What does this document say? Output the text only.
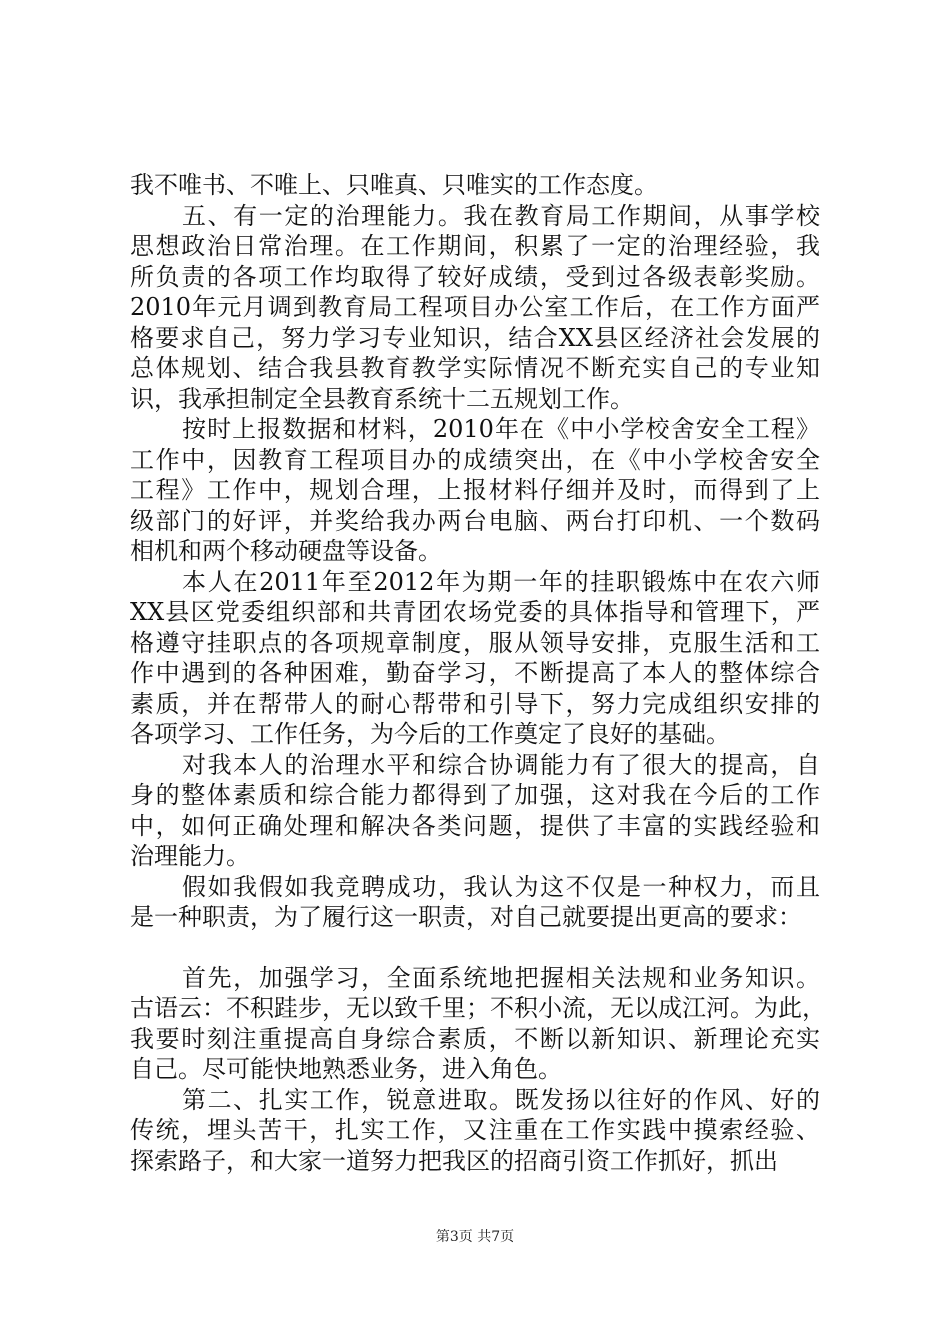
我不唯书、不唯上、只唯真、只唯实的工作态度。
五、有一定的治理能力。我在教育局工作期间，从事学校
思想政治日常治理。在工作期间，积累了一定的治理经验，我
所负责的各项工作均取得了较好成绩，受到过各级表彰奖励。
2010年元月调到教育局工程项目办公室工作后，在工作方面严
格要求自己，努力学习专业知识，结合XX县区经济社会发展的
总体规划、结合我县教育教学实际情况不断充实自己的专业知
识，我承担制定全县教育系统十二五规划工作。
按时上报数据和材料，2010年在《中小学校舍安全工程》
工作中，因教育工程项目办的成绩突出，在《中小学校舍安全
工程》工作中，规划合理，上报材料仔细并及时，而得到了上
级部门的好评，并奖给我办两台电脑、两台打印机、一个数码
相机和两个移动硬盘等设备。
本人在2011年至2012年为期一年的挂职锻炼中在农六师
XX县区党委组织部和共青团农场党委的具体指导和管理下，严
格遵守挂职点的各项规章制度，服从领导安排，克服生活和工
作中遇到的各种困难，勤奋学习，不断提高了本人的整体综合
素质，并在帮带人的耐心帮带和引导下，努力完成组织安排的
各项学习、工作任务，为今后的工作奠定了良好的基础。
对我本人的治理水平和综合协调能力有了很大的提高，自
身的整体素质和综合能力都得到了加强，这对我在今后的工作
中，如何正确处理和解决各类问题，提供了丰富的实践经验和
治理能力。
假如我假如我竞聘成功，我认为这不仅是一种权力，而且
是一种职责，为了履行这一职责，对自己就要提出更高的要求：
首先，加强学习，全面系统地把握相关法规和业务知识。
古语云：不积跬步，无以致千里；不积小流，无以成江河。为此，
我要时刻注重提高自身综合素质，不断以新知识、新理论充实
自己。尽可能快地熟悉业务，进入角色。
第二、扎实工作，锐意进取。既发扬以往好的作风、好的
传统，埋头苦干，扎实工作，又注重在工作实践中摸索经验、
探索路子，和大家一道努力把我区的招商引资工作抓好，抓出
第3页 共7页
